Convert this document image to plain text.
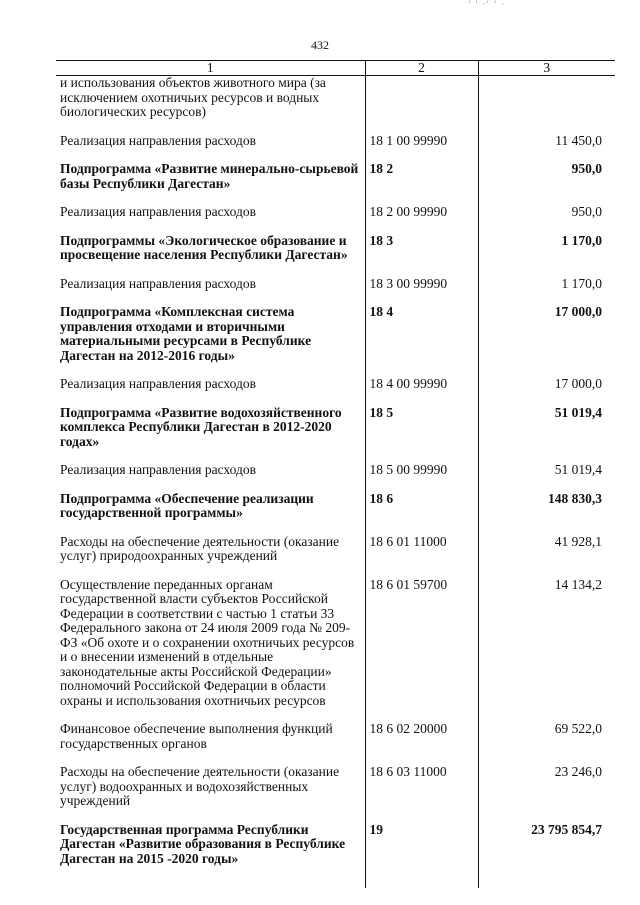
' ' ·' ' ·
432
1	2	3
и использования объектов животного мира (за исключением охотничьих ресурсов и водных биологических ресурсов)		
Реализация направления расходов	18 1 00 99990	11 450,0
Подпрограмма «Развитие минерально-сырьевой базы Республики Дагестан»	18 2	950,0
Реализация направления расходов	18 2 00 99990	950,0
Подпрограммы «Экологическое образование и просвещение населения Республики Дагестан»	18 3	1 170,0
Реализация направления расходов	18 3 00 99990	1 170,0
Подпрограмма «Комплексная система управления отходами и вторичными материальными ресурсами в Республике Дагестан на 2012-2016 годы»	18 4	17 000,0
Реализация направления расходов	18 4 00 99990	17 000,0
Подпрограмма «Развитие водохозяйственного комплекса Республики Дагестан в 2012-2020 годах»	18 5	51 019,4
Реализация направления расходов	18 5 00 99990	51 019,4
Подпрограмма «Обеспечение реализации государственной программы»	18 6	148 830,3
Расходы на обеспечение деятельности (оказание услуг) природоохранных учреждений	18 6 01 11000	41 928,1
Осуществление переданных органам государственной власти субъектов Российской Федерации в соответствии с частью 1 статьи 33 Федерального закона от 24 июля 2009 года № 209-ФЗ «Об охоте и о сохранении охотничьих ресурсов и о внесении изменений в отдельные законодательные акты Российской Федерации» полномочий Российской Федерации в области охраны и использования охотничьих ресурсов	18 6 01 59700	14 134,2
Финансовое обеспечение выполнения функций государственных органов	18 6 02 20000	69 522,0
Расходы на обеспечение деятельности (оказание услуг) водоохранных и водохозяйственных учреждений	18 6 03 11000	23 246,0
Государственная программа Республики Дагестан «Развитие образования в Республике Дагестан на 2015 -2020 годы»	19	23 795 854,7
